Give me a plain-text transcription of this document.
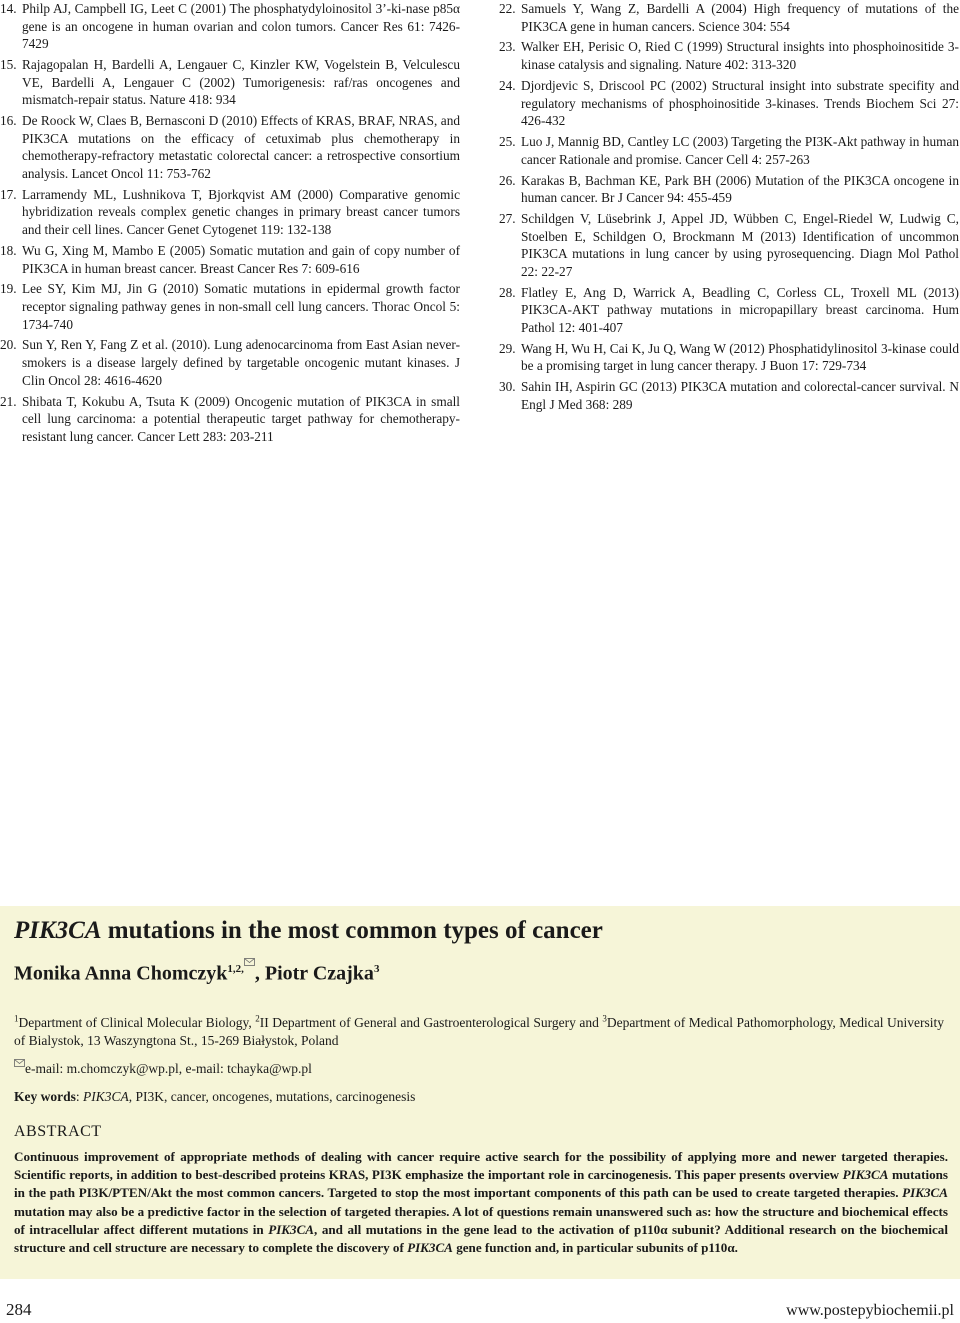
14. Philp AJ, Campbell IG, Leet C (2001) The phosphatydyloinositol 3’-ki-nase p85α gene is an oncogene in human ovarian and colon tumors. Cancer Res 61: 7426-7429
15. Rajagopalan H, Bardelli A, Lengauer C, Kinzler KW, Vogelstein B, Velculescu VE, Bardelli A, Lengauer C (2002) Tumorigenesis: raf/ras oncogenes and mismatch-repair status. Nature 418: 934
16. De Roock W, Claes B, Bernasconi D (2010) Effects of KRAS, BRAF, NRAS, and PIK3CA mutations on the efficacy of cetuximab plus chemotherapy in chemotherapy-refractory metastatic colorectal cancer: a retrospective consortium analysis. Lancet Oncol 11: 753-762
17. Larramendy ML, Lushnikova T, Bjorkqvist AM (2000) Comparative genomic hybridization reveals complex genetic changes in primary breast cancer tumors and their cell lines. Cancer Genet Cytogenet 119: 132-138
18. Wu G, Xing M, Mambo E (2005) Somatic mutation and gain of copy number of PIK3CA in human breast cancer. Breast Cancer Res 7: 609-616
19. Lee SY, Kim MJ, Jin G (2010) Somatic mutations in epidermal growth factor receptor signaling pathway genes in non-small cell lung cancers. Thorac Oncol 5: 1734-740
20. Sun Y, Ren Y, Fang Z et al. (2010). Lung adenocarcinoma from East Asian never-smokers is a disease largely defined by targetable oncogenic mutant kinases. J Clin Oncol 28: 4616-4620
21. Shibata T, Kokubu A, Tsuta K (2009) Oncogenic mutation of PIK3CA in small cell lung carcinoma: a potential therapeutic target pathway for chemotherapy-resistant lung cancer. Cancer Lett 283: 203-211
22. Samuels Y, Wang Z, Bardelli A (2004) High frequency of mutations of the PIK3CA gene in human cancers. Science 304: 554
23. Walker EH, Perisic O, Ried C (1999) Structural insights into phosphoinositide 3-kinase catalysis and signaling. Nature 402: 313-320
24. Djordjevic S, Driscool PC (2002) Structural insight into substrate specifity and regulatory mechanisms of phosphoinositide 3-kinases. Trends Biochem Sci 27: 426-432
25. Luo J, Mannig BD, Cantley LC (2003) Targeting the PI3K-Akt pathway in human cancer Rationale and promise. Cancer Cell 4: 257-263
26. Karakas B, Bachman KE, Park BH (2006) Mutation of the PIK3CA oncogene in human cancer. Br J Cancer 94: 455-459
27. Schildgen V, Lüsebrink J, Appel JD, Wübben C, Engel-Riedel W, Ludwig C, Stoelben E, Schildgen O, Brockmann M (2013) Identification of uncommon PIK3CA mutations in lung cancer by using pyrosequencing. Diagn Mol Pathol 22: 22-27
28. Flatley E, Ang D, Warrick A, Beadling C, Corless CL, Troxell ML (2013) PIK3CA-AKT pathway mutations in micropapillary breast carcinoma. Hum Pathol 12: 401-407
29. Wang H, Wu H, Cai K, Ju Q, Wang W (2012) Phosphatidylinositol 3-kinase could be a promising target in lung cancer therapy. J Buon 17: 729-734
30. Sahin IH, Aspirin GC (2013) PIK3CA mutation and colorectal-cancer survival. N Engl J Med 368: 289
PIK3CA mutations in the most common types of cancer
Monika Anna Chomczyk$^{1,2,}$ , Piotr Czajka$^3$
$^1$Department of Clinical Molecular Biology, $^2$II Department of General and Gastroenterological Surgery and $^3$Department of Medical Pathomorphology, Medical University of Bialystok, 13 Waszyngtona St., 15-269 Białystok, Poland
e-mail: m.chomczyk@wp.pl, e-mail: tchayka@wp.pl
Key words: PIK3CA, PI3K, cancer, oncogenes, mutations, carcinogenesis
ABSTRACT
Continuous improvement of appropriate methods of dealing with cancer require active search for the possibility of applying more and newer targeted therapies. Scientific reports, in addition to best-described proteins KRAS, PI3K emphasize the important role in carcinogenesis. This paper presents overview PIK3CA mutations in the path PI3K/PTEN/Akt the most common cancers. Targeted to stop the most important components of this path can be used to create targeted therapies. PIK3CA mutation may also be a predictive factor in the selection of targeted therapies. A lot of questions remain unanswered such as: how the structure and biochemical effects of intracellular affect different mutations in PIK3CA, and all mutations in the gene lead to the activation of p110α subunit? Additional research on the biochemical structure and cell structure are necessary to complete the discovery of PIK3CA gene function and, in particular subunits of p110α.
284	www.postepybiochemii.pl
